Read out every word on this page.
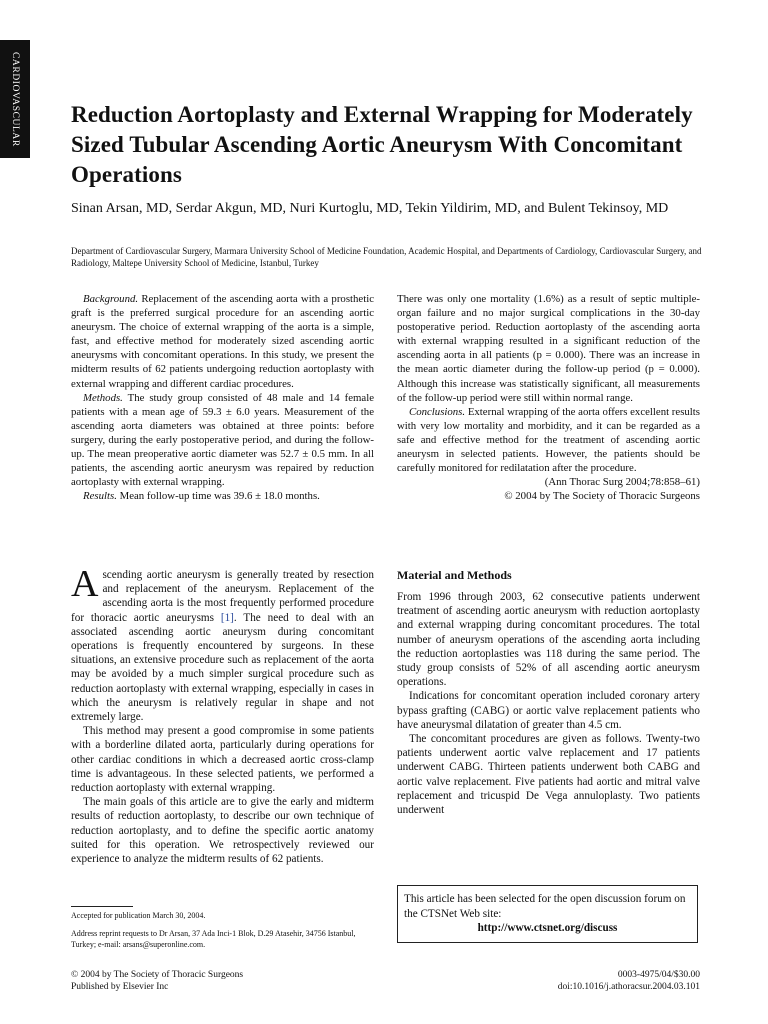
CARDIOVASCULAR	Reduction Aortoplasty and External Wrapping for Moderately Sized Tubular Ascending Aortic Aneurysm With Concomitant Operations
Sinan Arsan, MD, Serdar Akgun, MD, Nuri Kurtoglu, MD, Tekin Yildirim, MD, and Bulent Tekinsoy, MD
Department of Cardiovascular Surgery, Marmara University School of Medicine Foundation, Academic Hospital, and Departments of Cardiology, Cardiovascular Surgery, and Radiology, Maltepe University School of Medicine, Istanbul, Turkey

Background. Replacement of the ascending aorta with a prosthetic graft is the preferred surgical procedure for an ascending aortic aneurysm. The choice of external wrapping of the aorta is a simple, fast, and effective method for moderately sized ascending aortic aneurysms with concomitant operations. In this study, we present the midterm results of 62 patients undergoing reduction aortoplasty with external wrapping and different cardiac procedures.

Methods. The study group consisted of 48 male and 14 female patients with a mean age of 59.3 ± 6.0 years. Measurement of the ascending aorta diameters was obtained at three points: before surgery, during the early postoperative period, and during the follow-up. The mean preoperative aortic diameter was 52.7 ± 0.5 mm. In all patients, the ascending aortic aneurysm was repaired by reduction aortoplasty with external wrapping.

Results. Mean follow-up time was 39.6 ± 18.0 months.

There was only one mortality (1.6%) as a result of septic multiple-organ failure and no major surgical complications in the 30-day postoperative period. Reduction aortoplasty of the ascending aorta with external wrapping resulted in a significant reduction of the ascending aorta in all patients (p = 0.000). There was an increase in the mean aortic diameter during the follow-up period (p = 0.000). Although this increase was statistically significant, all measurements of the follow-up period were still within normal range.

Conclusions. External wrapping of the aorta offers excellent results with very low mortality and morbidity, and it can be regarded as a safe and effective method for the treatment of ascending aortic aneurysm in selected patients. However, the patients should be carefully monitored for redilatation after the procedure.

(Ann Thorac Surg 2004;78:858–61)

© 2004 by The Society of Thoracic Surgeons

Ascending aortic aneurysm is generally treated by resection and replacement of the aneurysm. Replacement of the ascending aorta is the most frequently performed procedure for thoracic aortic aneurysms [1]. The need to deal with an associated ascending aortic aneurysm during concomitant operations is frequently encountered by surgeons. In these situations, an extensive procedure such as replacement of the aorta may be avoided by a much simpler surgical procedure such as reduction aortoplasty with external wrapping, especially in cases in which the aneurysm is relatively regular in shape and not extremely large.

This method may present a good compromise in some patients with a borderline dilated aorta, particularly during operations for other cardiac conditions in which a decreased aortic cross-clamp time is advantageous. In these selected patients, we performed a reduction aortoplasty with external wrapping.

The main goals of this article are to give the early and midterm results of reduction aortoplasty, to describe our own technique of reduction aortoplasty, and to define the specific aortic anatomy suited for this operation. We retrospectively reviewed our experience to analyze the midterm results of 62 patients.

Material and Methods

From 1996 through 2003, 62 consecutive patients underwent treatment of ascending aortic aneurysm with reduction aortoplasty and external wrapping during concomitant procedures. The total number of aneurysm operations of the ascending aorta including the reduction aortoplasties was 118 during the same period. The study group consists of 52% of all ascending aortic aneurysm operations.

Indications for concomitant operation included coronary artery bypass grafting (CABG) or aortic valve replacement patients who have aneurysmal dilatation of greater than 4.5 cm.

The concomitant procedures are given as follows. Twenty-two patients underwent aortic valve replacement and 17 patients underwent CABG. Thirteen patients underwent both CABG and aortic valve replacement. Five patients had aortic and mitral valve replacement and tricuspid De Vega annuloplasty. Two patients underwent

Accepted for publication March 30, 2004.
Address reprint requests to Dr Arsan, 37 Ada Inci-1 Blok, D.29 Atasehir, 34756 Istanbul, Turkey; e-mail: arsans@superonline.com.
This article has been selected for the open discussion forum on the CTSNet Web site:
http://www.ctsnet.org/discuss
© 2004 by The Society of Thoracic Surgeons
Published by Elsevier Inc
0003-4975/04/$30.00
doi:10.1016/j.athoracsur.2004.03.101
